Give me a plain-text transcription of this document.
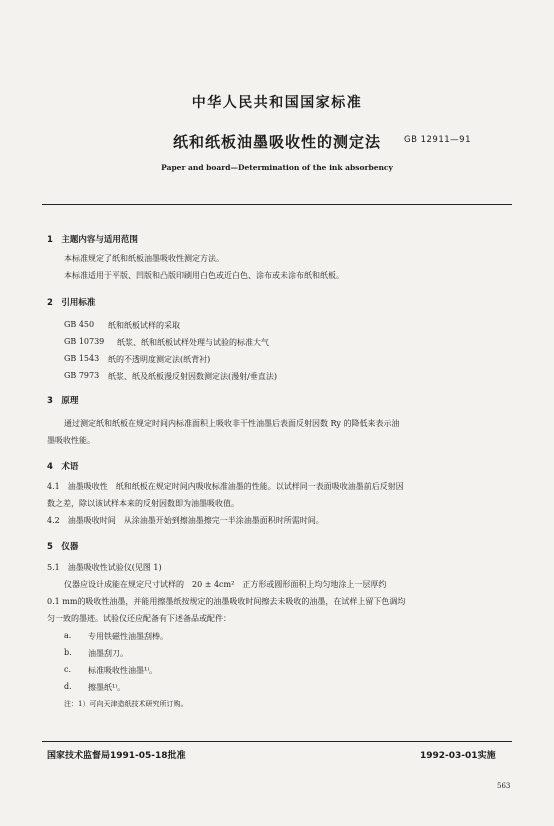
中华人民共和国国家标准
纸和纸板油墨吸收性的测定法	GB 12911—91
Paper and board—Determination of the ink absorbency
1　主题内容与适用范围
本标准规定了纸和纸板油墨吸收性测定方法。
本标准适用于平版、凹版和凸版印刷用白色或近白色、涂布或未涂布纸和纸板。
2　引用标准
GB 450 纸和纸板试样的采取
GB 10739 纸浆、纸和纸板试样处理与试验的标准大气
GB 1543 纸的不透明度测定法(纸背衬)
GB 7973 纸浆、纸及纸板漫反射因数测定法(漫射/垂直法)
3　原理
通过测定纸和纸板在规定时间内标准面积上吸收非干性油墨后表面反射因数 Ry 的降低来表示油
墨吸收性能。
4　术语
4.1　油墨吸收性　纸和纸板在规定时间内吸收标准油墨的性能。以试样同一表面吸收油墨前后反射因
数之差，除以该试样本来的反射因数即为油墨吸收值。
4.2　油墨吸收时间　从涂油墨开始到擦油墨擦完一半涂油墨面积时所需时间。
5　仪器
5.1　油墨吸收性试验仪(见图 1)
仪器应设计成能在规定尺寸试样的　20 ± 4cm²　正方形或圆形面积上均匀地涂上一层厚约
0.1 mm的吸收性油墨，并能用擦墨纸按规定的油墨吸收时间擦去未吸收的油墨，在试样上留下色调均
匀一致的墨迹。试验仪还应配备有下述备品或配件：
a. 专用铁磁性油墨刮棒。
b. 油墨刮刀。
c. 标准吸收性油墨¹⁾。
d. 擦墨纸¹⁾。
注：1）可向天津造纸技术研究所订购。
国家技术监督局1991-05-18批准	1992-03-01实施
563
